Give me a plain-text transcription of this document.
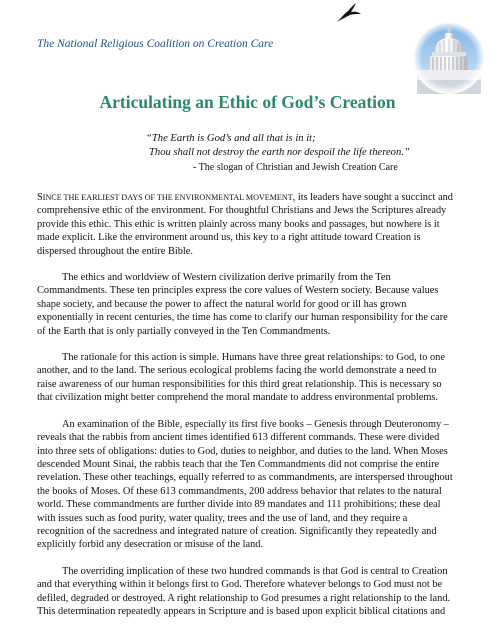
The National Religious Coalition on Creation Care
Articulating an Ethic of God’s Creation
“The Earth is God’s and all that is in it;
Thou shall not destroy the earth nor despoil the life thereon.”
- The slogan of Christian and Jewish Creation Care

SINCE THE EARLIEST DAYS OF THE ENVIRONMENTAL MOVEMENT, its leaders have sought a succinct and comprehensive ethic of the environment. For thoughtful Christians and Jews the Scriptures already provide this ethic. This ethic is written plainly across many books and passages, but nowhere is it made explicit. Like the environment around us, this key to a right attitude toward Creation is dispersed throughout the entire Bible.

The ethics and worldview of Western civilization derive primarily from the Ten Commandments. These ten principles express the core values of Western society. Because values shape society, and because the power to affect the natural world for good or ill has grown exponentially in recent centuries, the time has come to clarify our human responsibility for the care of the Earth that is only partially conveyed in the Ten Commandments.

The rationale for this action is simple. Humans have three great relationships: to God, to one another, and to the land. The serious ecological problems facing the world demonstrate a need to raise awareness of our human responsibilities for this third great relationship. This is necessary so that civilization might better comprehend the moral mandate to address environmental problems.

An examination of the Bible, especially its first five books – Genesis through Deuteronomy – reveals that the rabbis from ancient times identified 613 different commands. These were divided into three sets of obligations: duties to God, duties to neighbor, and duties to the land. When Moses descended Mount Sinai, the rabbis teach that the Ten Commandments did not comprise the entire revelation. These other teachings, equally referred to as commandments, are interspersed throughout the books of Moses. Of these 613 commandments, 200 address behavior that relates to the natural world. These commandments are further divide into 89 mandates and 111 prohibitions; these deal with issues such as food purity, water quality, trees and the use of land, and they require a recognition of the sacredness and integrated nature of creation. Significantly they repeatedly and explicitly forbid any desecration or misuse of the land.

The overriding implication of these two hundred commands is that God is central to Creation and that everything within it belongs first to God. Therefore whatever belongs to God must not be defiled, degraded or destroyed. A right relationship to God presumes a right relationship to the land. This determination repeatedly appears in Scripture and is based upon explicit biblical citations and
